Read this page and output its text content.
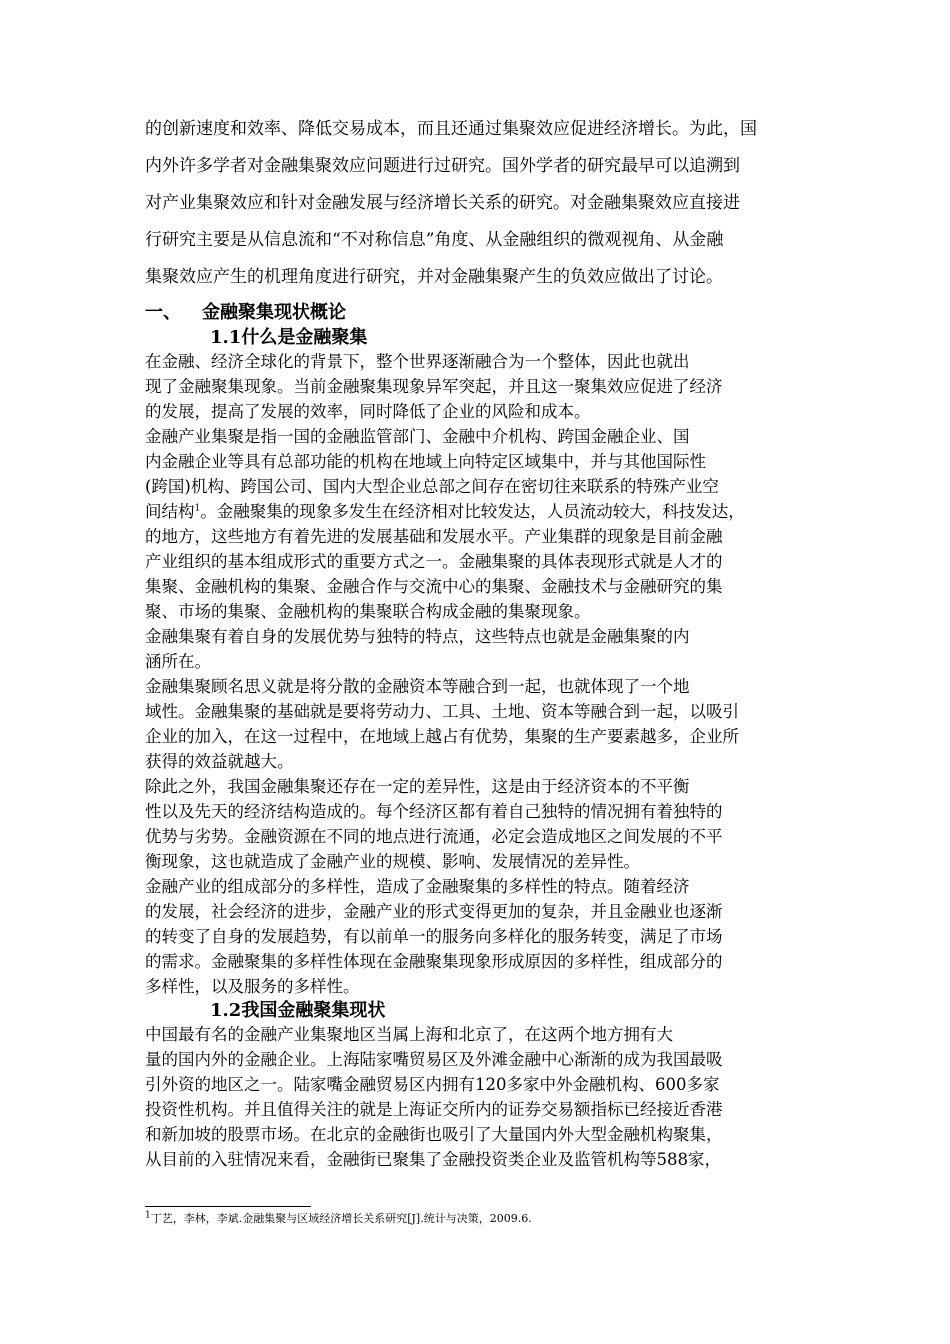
的创新速度和效率、降低交易成本，而且还通过集聚效应促进经济增长。为此，国
内外许多学者对金融集聚效应问题进行过研究。国外学者的研究最早可以追溯到
对产业集聚效应和针对金融发展与经济增长关系的研究。对金融集聚效应直接进
行研究主要是从信息流和“不对称信息”角度、从金融组织的微观视角、从金融
集聚效应产生的机理角度进行研究，并对金融集聚产生的负效应做出了讨论。
一、 金融聚集现状概论
1.1什么是金融聚集
在金融、经济全球化的背景下，整个世界逐渐融合为一个整体，因此也就出
现了金融聚集现象。当前金融聚集现象异军突起，并且这一聚集效应促进了经济
的发展，提高了发展的效率，同时降低了企业的风险和成本。
金融产业集聚是指一国的金融监管部门、金融中介机构、跨国金融企业、国
内金融企业等具有总部功能的机构在地域上向特定区域集中，并与其他国际性
(跨国)机构、跨国公司、国内大型企业总部之间存在密切往来联系的特殊产业空
间结构$^1$。金融聚集的现象多发生在经济相对比较发达，人员流动较大，科技发达，
的地方，这些地方有着先进的发展基础和发展水平。产业集群的现象是目前金融
产业组织的基本组成形式的重要方式之一。金融集聚的具体表现形式就是人才的
集聚、金融机构的集聚、金融合作与交流中心的集聚、金融技术与金融研究的集
聚、市场的集聚、金融机构的集聚联合构成金融的集聚现象。
金融集聚有着自身的发展优势与独特的特点，这些特点也就是金融集聚的内
涵所在。
金融集聚顾名思义就是将分散的金融资本等融合到一起，也就体现了一个地
域性。金融集聚的基础就是要将劳动力、工具、土地、资本等融合到一起，以吸引
企业的加入，在这一过程中，在地域上越占有优势，集聚的生产要素越多，企业所
获得的效益就越大。
除此之外，我国金融集聚还存在一定的差异性，这是由于经济资本的不平衡
性以及先天的经济结构造成的。每个经济区都有着自己独特的情况拥有着独特的
优势与劣势。金融资源在不同的地点进行流通，必定会造成地区之间发展的不平
衡现象，这也就造成了金融产业的规模、影响、发展情况的差异性。
金融产业的组成部分的多样性，造成了金融聚集的多样性的特点。随着经济
的发展，社会经济的进步，金融产业的形式变得更加的复杂，并且金融业也逐渐
的转变了自身的发展趋势，有以前单一的服务向多样化的服务转变，满足了市场
的需求。金融聚集的多样性体现在金融聚集现象形成原因的多样性，组成部分的
多样性，以及服务的多样性。
1.2我国金融聚集现状
中国最有名的金融产业集聚地区当属上海和北京了，在这两个地方拥有大
量的国内外的金融企业。上海陆家嘴贸易区及外滩金融中心渐渐的成为我国最吸
引外资的地区之一。陆家嘴金融贸易区内拥有120多家中外金融机构、600多家
投资性机构。并且值得关注的就是上海证交所内的证券交易额指标已经接近香港
和新加坡的股票市场。在北京的金融街也吸引了大量国内外大型金融机构聚集，
从目前的入驻情况来看，金融街已聚集了金融投资类企业及监管机构等588家，
$^1$丁艺，李林，李斌.金融集聚与区域经济增长关系研究[J].统计与决策，2009.6.
